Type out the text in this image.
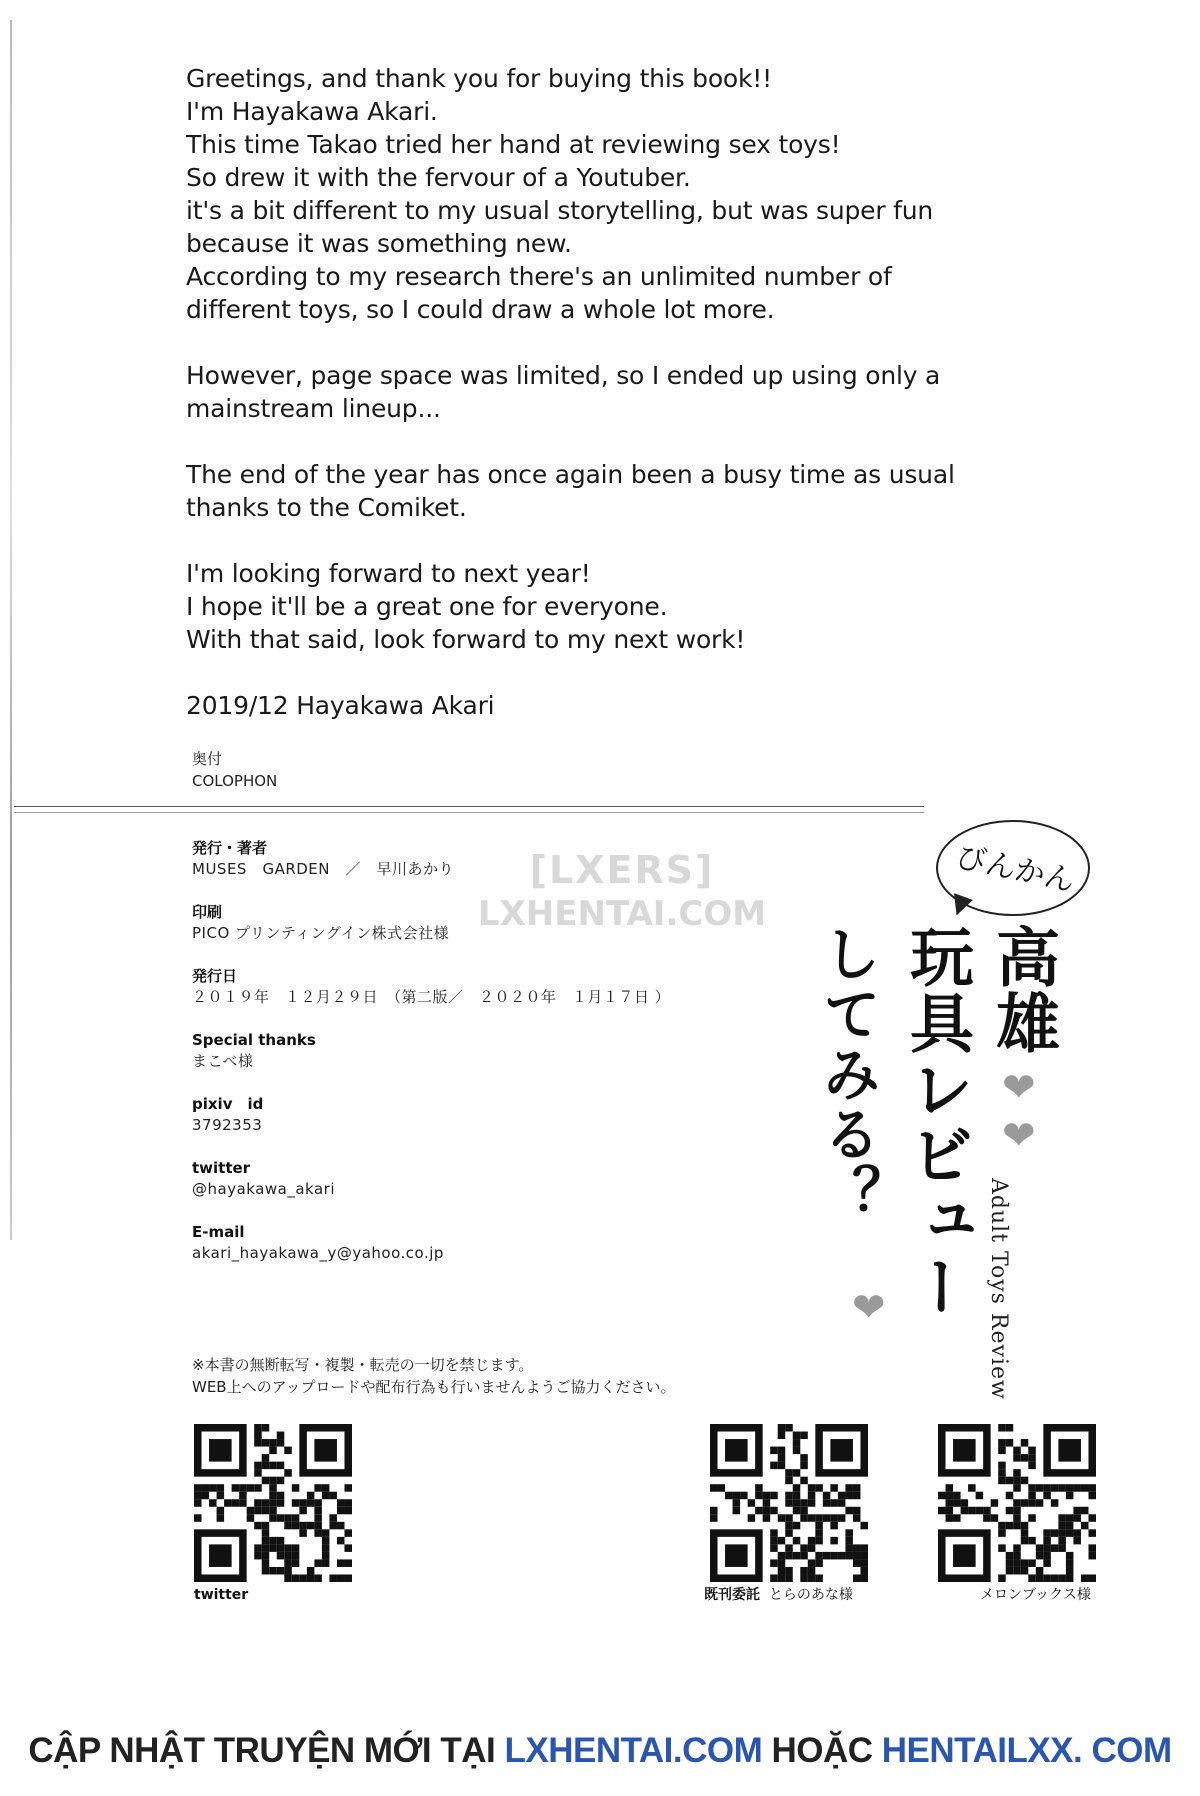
[LXERS]
LXHENTAI.COM
Greetings, and thank you for buying this book!!
I'm Hayakawa Akari.
This time Takao tried her hand at reviewing sex toys!
So drew it with the fervour of a Youtuber.
it's a bit different to my usual storytelling, but was super fun
because it was something new.
According to my research there's an unlimited number of
different toys, so I could draw a whole lot more.
However, page space was limited, so I ended up using only a
mainstream lineup...
The end of the year has once again been a busy time as usual
thanks to the Comiket.
I'm looking forward to next year!
I hope it'll be a great one for everyone.
With that said, look forward to my next work!
2019/12 Hayakawa Akari
奥付
COLOPHON
発行・著者
MUSES　GARDEN　／　早川あかり
印刷
PICO プリンティングイン株式会社様
発行日
２０１９年　１２月２９日　（第二版／　２０２０年　１月１７日 ）
Special thanks
まこべ様
pixiv　id
3792353
twitter
@hayakawa_akari
E-mail
akari_hayakawa_y@yahoo.co.jp
※本書の無断転写・複製・転売の一切を禁じます。
WEB上へのアップロードや配布行為も行いませんようご協力ください。
びんかん
高雄
玩具レビュー
してみる？
Adult Toys Review
❤
❤
❤
twitter	既刊委託 とらのあな様	メロンブックス様
CẬP NHẬT TRUYỆN MỚI TẠI LXHENTAI.COM HOẶC HENTAILXX. COM
